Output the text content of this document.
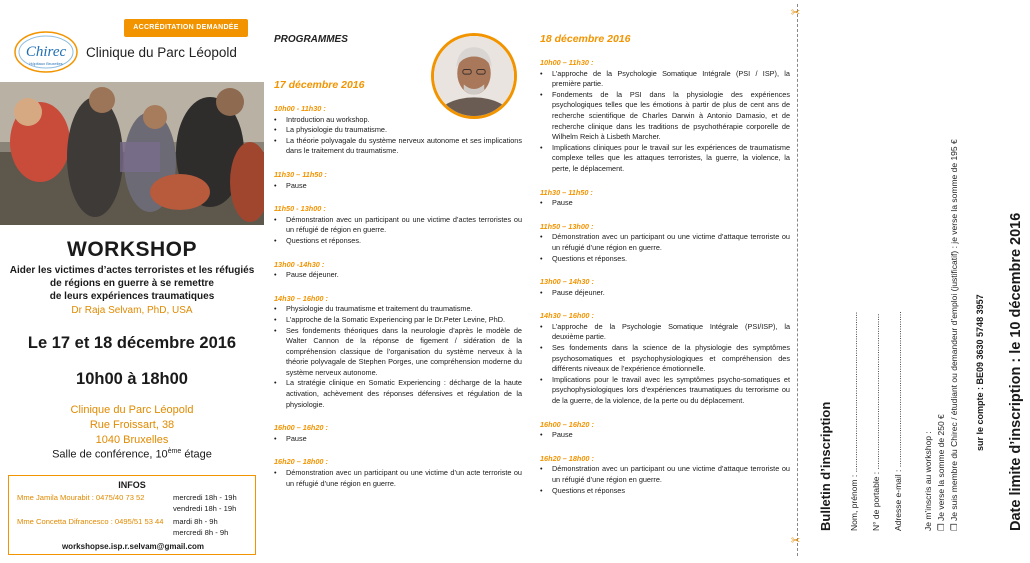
ACCRÉDITATION DEMANDÉE
Chirec
Hôpitaux Bruxelles
Clinique du Parc Léopold
WORKSHOP
Aider les victimes d’actes terroristes et les réfugiés
de régions en guerre à se remettre
de leurs expériences traumatiques
Dr Raja Selvam, PhD, USA
Le 17 et 18 décembre 2016
10h00 à 18h00
Clinique du Parc Léopold
Rue Froissart, 38
1040 Bruxelles
Salle de conférence, 10ème étage
INFOS
Mme Jamila Mourabit : 0475/40 73 52	mercredi 18h - 19h
vendredi 18h - 19h
Mme Concetta Difrancesco : 0495/51 53 44 mardi 8h - 9h
mercredi 8h - 9h
workshopse.isp.r.selvam@gmail.com
PROGRAMMES
17 décembre 2016
10h00 - 11h30 :
• Introduction au workshop.
• La physiologie du traumatisme.
• La théorie polyvagale du système nerveux autonome et ses implications dans le traitement du traumatisme.
11h30 – 11h50 :
• Pause
11h50 - 13h00 :
• Démonstration avec un participant ou une victime d’actes terroristes ou un réfugié de région en guerre.
• Questions et réponses.
13h00 -14h30 :
• Pause déjeuner.
14h30 – 16h00 :
• Physiologie du traumatisme et traitement du traumatisme.
• L’approche de la Somatic Experiencing par le Dr.Peter Levine, PhD.
• Ses fondements théoriques dans la neurologie d’après le modèle de Walter Cannon de la réponse de figement / sidération de la compréhension classique de l’organisation du système nerveux à la théorie polyvagale de Stephen Porges, une compréhension moderne du système nerveux autonome.
• La stratégie clinique en Somatic Experiencing : décharge de la haute activation, achèvement des réponses défensives et régulation de la physiologie.
16h00 – 16h20 :
• Pause
16h20 – 18h00 :
• Démonstration avec un participant ou une victime d’un acte terroriste ou un réfugié d’une région en guerre.
18 décembre 2016
10h00 – 11h30 :
• L’approche de la Psychologie Somatique Intégrale (PSI / ISP), la première partie.
• Fondements de la PSI dans la physiologie des expériences psychologiques telles que les émotions à partir de plus de cent ans de recherche scientifique de Charles Darwin à Antonio Damasio, et de recherche clinique dans les traditions de psychothérapie corporelle de Wilhelm Reich à Lisbeth Marcher.
• Implications cliniques pour le travail sur les expériences de traumatisme complexe telles que les attaques terroristes, la guerre, la violence, la perte, le déplacement.
11h30 – 11h50 :
• Pause
11h50 – 13h00 :
• Démonstration avec un participant ou une victime d’attaque terroriste ou un réfugié d’une région en guerre.
• Questions et réponses.
13h00 – 14h30 :
• Pause déjeuner.
14h30 – 16h00 :
• L’approche de la Psychologie Somatique Intégrale (PSI/ISP), la deuxième partie.
• Ses fondements dans la science de la physiologie des symptômes psychosomatiques et psychophysiologiques et compréhension des différents niveaux de l’expérience émotionnelle.
• Implications pour le travail avec les symptômes psycho-somatiques et psychophysiologiques lors d’expériences traumatiques du terrorisme ou de la guerre, de la violence, de la perte ou du déplacement.
16h00 – 16h20 :
• Pause
16h20 – 18h00 :
• Démonstration avec un participant ou une victime d’attaque terroriste ou un réfugié d’une région en guerre.
• Questions et réponses
✂
✂
Bulletin d’inscription Nom, prénom : .................................................................... N° de portable : .................................................................. Adresse e-mail : .................................................................. Je m’inscris au workshop : ❐ Je verse la somme de 250 € ❐ Je suis membre du Chirec / étudiant ou demandeur d’emploi (justificatif) : je verse la somme de 195 € sur le compte : BE09 3630 5748 3957 Date limite d’inscription : le 10 décembre 2016
